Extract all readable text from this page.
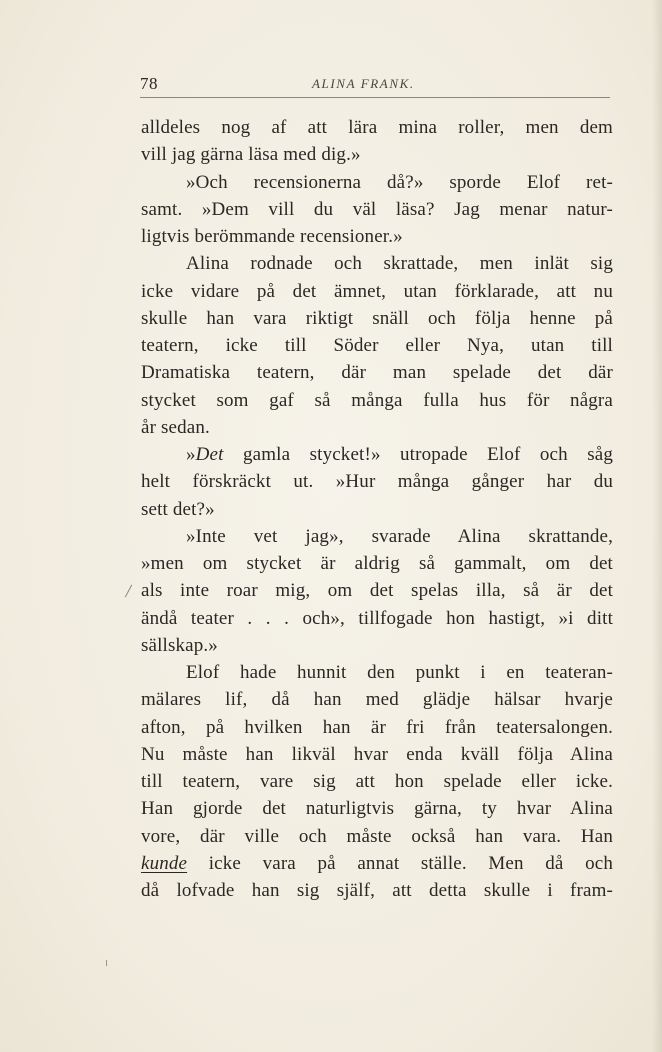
78	ALINA FRANK.
alldeles nog af att lära mina roller, men dem
vill jag gärna läsa med dig.»
»Och recensionerna då?» sporde Elof ret-
samt. »Dem vill du väl läsa? Jag menar natur-
ligtvis berömmande recensioner.»
Alina rodnade och skrattade, men inlät sig
icke vidare på det ämnet, utan förklarade, att nu
skulle han vara riktigt snäll och följa henne på
teatern, icke till Söder eller Nya, utan till
Dramatiska teatern, där man spelade det där
stycket som gaf så många fulla hus för några
år sedan.
»Det gamla stycket!» utropade Elof och såg
helt förskräckt ut. »Hur många gånger har du
sett det?»
»Inte vet jag», svarade Alina skrattande,
»men om stycket är aldrig så gammalt, om det
als inte roar mig, om det spelas illa, så är det
ändå teater . . . och», tillfogade hon hastigt, »i ditt
sällskap.»
Elof hade hunnit den punkt i en teateran-
mälares lif, då han med glädje hälsar hvarje
afton, på hvilken han är fri från teatersalongen.
Nu måste han likväl hvar enda kväll följa Alina
till teatern, vare sig att hon spelade eller icke.
Han gjorde det naturligtvis gärna, ty hvar Alina
vore, där ville och måste också han vara. Han
kunde icke vara på annat ställe. Men då och
då lofvade han sig själf, att detta skulle i fram-
